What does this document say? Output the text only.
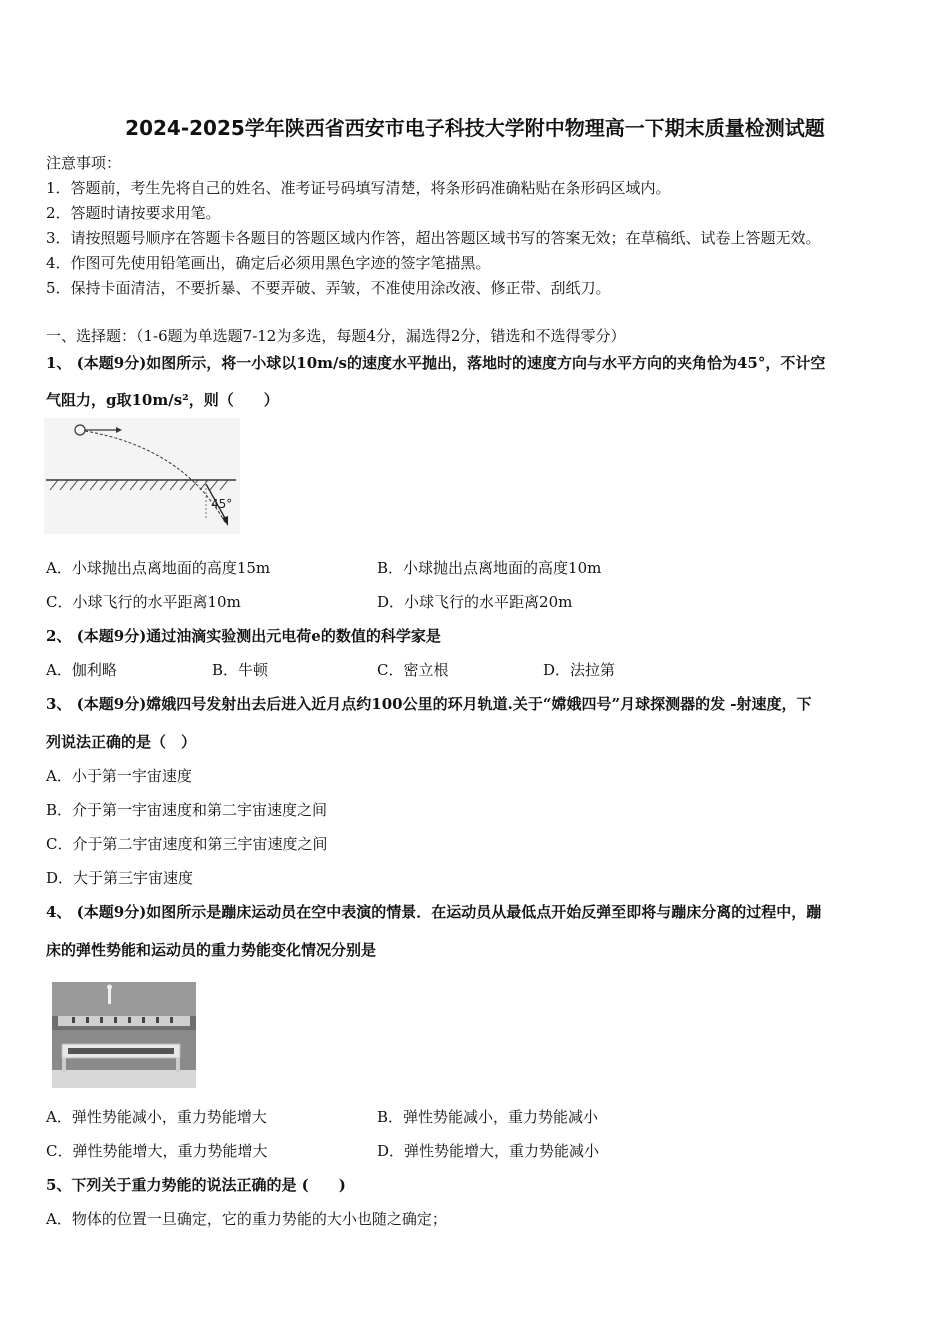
2024-2025学年陕西省西安市电子科技大学附中物理高一下期末质量检测试题
注意事项：
1．答题前，考生先将自己的姓名、准考证号码填写清楚，将条形码准确粘贴在条形码区域内。
2．答题时请按要求用笔。
3．请按照题号顺序在答题卡各题目的答题区域内作答，超出答题区域书写的答案无效；在草稿纸、试卷上答题无效。
4．作图可先使用铅笔画出，确定后必须用黑色字迹的签字笔描黑。
5．保持卡面清洁，不要折暴、不要弄破、弄皱，不准使用涂改液、修正带、刮纸刀。
一、选择题：（1-6题为单选题7-12为多选，每题4分，漏选得2分，错选和不选得零分）
1、 (本题9分)如图所示，将一小球以10m/s的速度水平抛出，落地时的速度方向与水平方向的夹角恰为45°，不计空
气阻力，g取10m/s²，则（　　）
45°
A．小球抛出点离地面的高度15m	B．小球抛出点离地面的高度10m
C．小球飞行的水平距离10m	D．小球飞行的水平距离20m
2、 (本题9分)通过油滴实验测出元电荷e的数值的科学家是
A．伽利略	B．牛顿	C．密立根	D．法拉第
3、 (本题9分)嫦娥四号发射出去后进入近月点约100公里的环月轨道.关于“嫦娥四号”月球探测器的发 -射速度，下
列说法正确的是（　）
A．小于第一宇宙速度
B．介于第一宇宙速度和第二宇宙速度之间
C．介于第二宇宙速度和第三宇宙速度之间
D．大于第三宇宙速度
4、 (本题9分)如图所示是蹦床运动员在空中表演的情景．在运动员从最低点开始反弹至即将与蹦床分离的过程中，蹦
床的弹性势能和运动员的重力势能变化情况分别是
A．弹性势能减小，重力势能增大	B．弹性势能减小，重力势能减小
C．弹性势能增大，重力势能增大	D．弹性势能增大，重力势能减小
5、下列关于重力势能的说法正确的是 (　　)
A．物体的位置一旦确定，它的重力势能的大小也随之确定；
